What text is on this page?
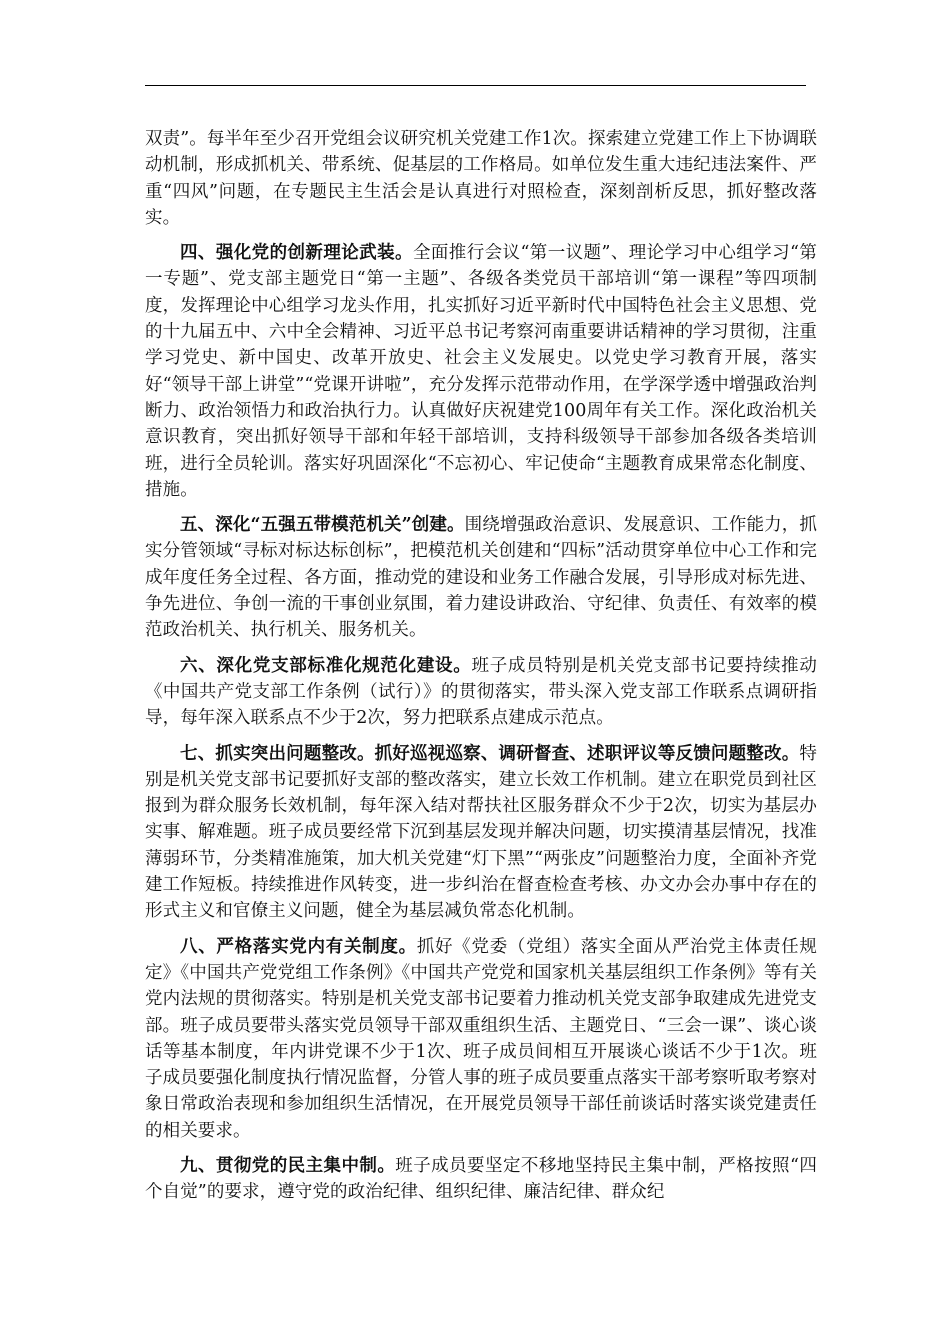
双责”。每半年至少召开党组会议研究机关党建工作1次。探索建立党建工作上下协调联动机制，形成抓机关、带系统、促基层的工作格局。如单位发生重大违纪违法案件、严重“四风”问题，在专题民主生活会是认真进行对照检查，深刻剖析反思，抓好整改落实。

四、强化党的创新理论武装。全面推行会议“第一议题”、理论学习中心组学习“第一专题”、党支部主题党日“第一主题”、各级各类党员干部培训“第一课程”等四项制度，发挥理论中心组学习龙头作用，扎实抓好习近平新时代中国特色社会主义思想、党的十九届五中、六中全会精神、习近平总书记考察河南重要讲话精神的学习贯彻，注重学习党史、新中国史、改革开放史、社会主义发展史。以党史学习教育开展，落实好“领导干部上讲堂”“党课开讲啦”，充分发挥示范带动作用，在学深学透中增强政治判断力、政治领悟力和政治执行力。认真做好庆祝建党100周年有关工作。深化政治机关意识教育，突出抓好领导干部和年轻干部培训，支持科级领导干部参加各级各类培训班，进行全员轮训。落实好巩固深化“不忘初心、牢记使命“主题教育成果常态化制度、措施。

五、深化“五强五带模范机关”创建。围绕增强政治意识、发展意识、工作能力，抓实分管领域“寻标对标达标创标”，把模范机关创建和“四标”活动贯穿单位中心工作和完成年度任务全过程、各方面，推动党的建设和业务工作融合发展，引导形成对标先进、争先进位、争创一流的干事创业氛围，着力建设讲政治、守纪律、负责任、有效率的模范政治机关、执行机关、服务机关。

六、深化党支部标准化规范化建设。班子成员特别是机关党支部书记要持续推动《中国共产党支部工作条例（试行）》的贯彻落实，带头深入党支部工作联系点调研指导，每年深入联系点不少于2次，努力把联系点建成示范点。

七、抓实突出问题整改。抓好巡视巡察、调研督查、述职评议等反馈问题整改。特别是机关党支部书记要抓好支部的整改落实，建立长效工作机制。建立在职党员到社区报到为群众服务长效机制，每年深入结对帮扶社区服务群众不少于2次，切实为基层办实事、解难题。班子成员要经常下沉到基层发现并解决问题，切实摸清基层情况，找准薄弱环节，分类精准施策，加大机关党建“灯下黑”“两张皮”问题整治力度，全面补齐党建工作短板。持续推进作风转变，进一步纠治在督查检查考核、办文办会办事中存在的形式主义和官僚主义问题，健全为基层减负常态化机制。

八、严格落实党内有关制度。抓好《党委（党组）落实全面从严治党主体责任规定》《中国共产党党组工作条例》《中国共产党党和国家机关基层组织工作条例》等有关党内法规的贯彻落实。特别是机关党支部书记要着力推动机关党支部争取建成先进党支部。班子成员要带头落实党员领导干部双重组织生活、主题党日、“三会一课”、谈心谈话等基本制度，年内讲党课不少于1次、班子成员间相互开展谈心谈话不少于1次。班子成员要强化制度执行情况监督，分管人事的班子成员要重点落实干部考察听取考察对象日常政治表现和参加组织生活情况，在开展党员领导干部任前谈话时落实谈党建责任的相关要求。

九、贯彻党的民主集中制。班子成员要坚定不移地坚持民主集中制，严格按照“四个自觉”的要求，遵守党的政治纪律、组织纪律、廉洁纪律、群众纪
